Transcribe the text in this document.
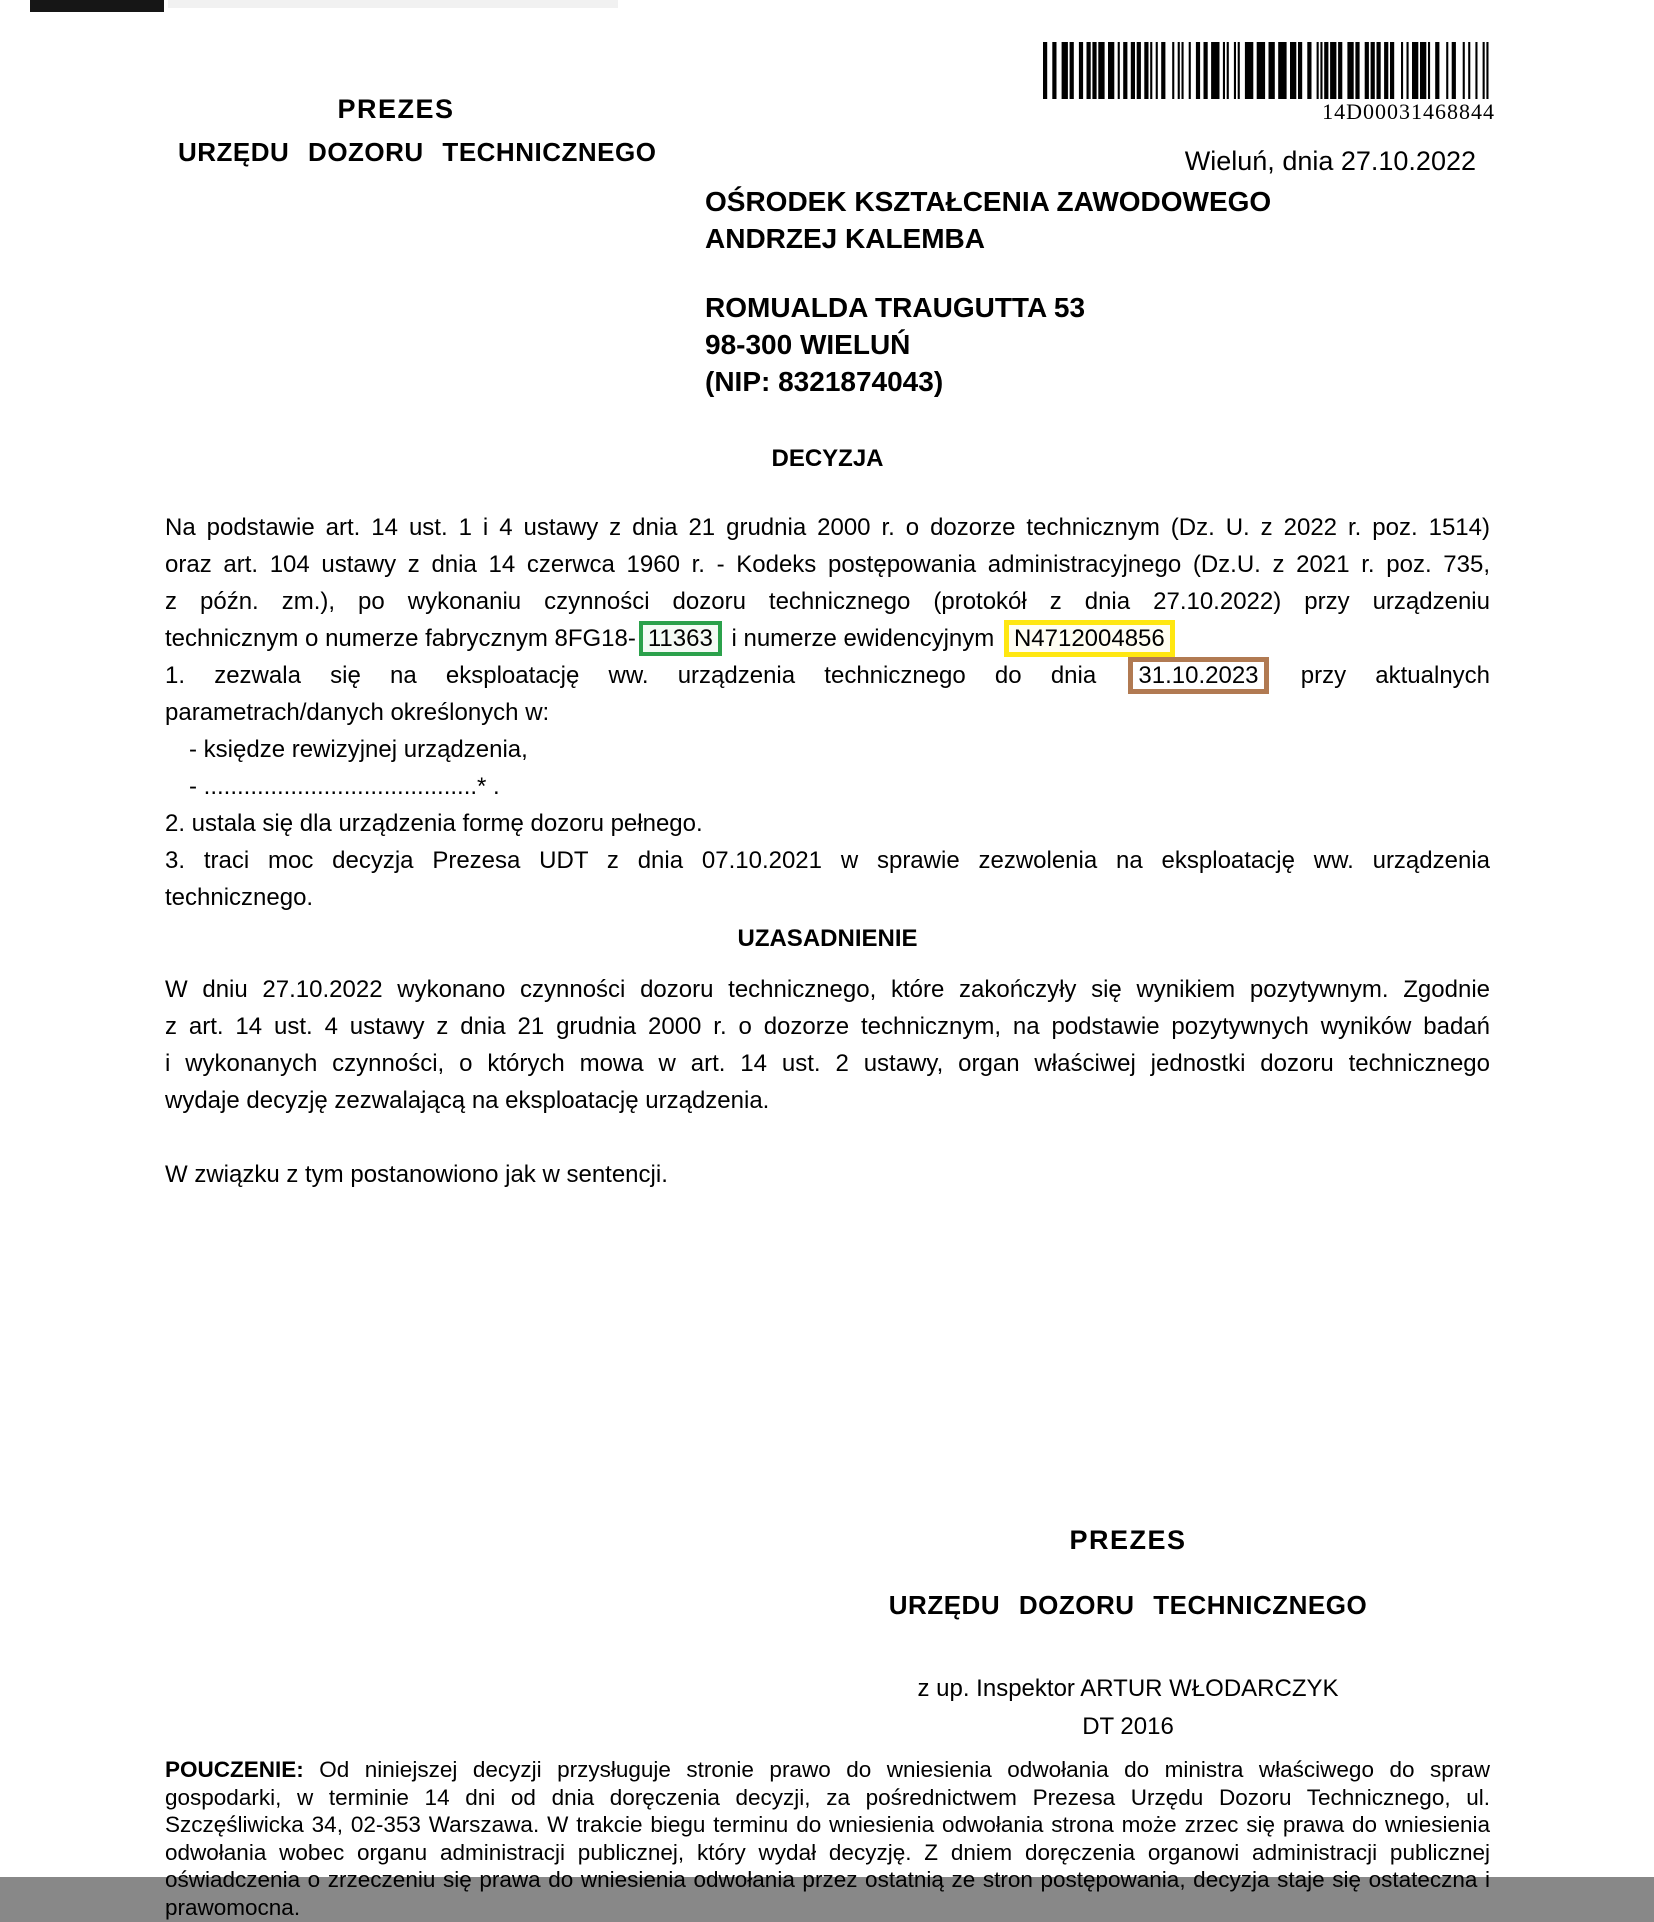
PREZES
URZĘDU DOZORU TECHNICZNEGO
14D00031468844
Wieluń, dnia 27.10.2022
OŚRODEK KSZTAŁCENIA ZAWODOWEGO
ANDRZEJ KALEMBA
ROMUALDA TRAUGUTTA 53
98-300 WIELUŃ
(NIP: 8321874043)
DECYZJA
Na podstawie art. 14 ust. 1 i 4 ustawy z dnia 21 grudnia 2000 r. o dozorze technicznym (Dz. U. z 2022 r. poz. 1514)
oraz art. 104 ustawy z dnia 14 czerwca 1960 r. - Kodeks postępowania administracyjnego (Dz.U. z 2021 r. poz. 735,
z późn. zm.), po wykonaniu czynności dozoru technicznego (protokół z dnia 27.10.2022) przy urządzeniu
technicznym o numerze fabrycznym 8FG18- 11363 i numerze ewidencyjnym N4712004856
1. zezwala się na eksploatację ww. urządzenia technicznego do dnia 31.10.2023 przy aktualnych
parametrach/danych określonych w:
- księdze rewizyjnej urządzenia,
- .........................................* .
2. ustala się dla urządzenia formę dozoru pełnego.
3. traci moc decyzja Prezesa UDT z dnia 07.10.2021 w sprawie zezwolenia na eksploatację ww. urządzenia
technicznego.
UZASADNIENIE
W dniu 27.10.2022 wykonano czynności dozoru technicznego, które zakończyły się wynikiem pozytywnym. Zgodnie
z art. 14 ust. 4 ustawy z dnia 21 grudnia 2000 r. o dozorze technicznym, na podstawie pozytywnych wyników badań
i wykonanych czynności, o których mowa w art. 14 ust. 2 ustawy, organ właściwej jednostki dozoru technicznego
wydaje decyzję zezwalającą na eksploatację urządzenia.
W związku z tym postanowiono jak w sentencji.
PREZES
URZĘDU DOZORU TECHNICZNEGO
z up. Inspektor ARTUR WŁODARCZYK
DT 2016
POUCZENIE: Od niniejszej decyzji przysługuje stronie prawo do wniesienia odwołania do ministra właściwego do spraw
gospodarki, w terminie 14 dni od dnia doręczenia decyzji, za pośrednictwem Prezesa Urzędu Dozoru Technicznego, ul.
Szczęśliwicka 34, 02-353 Warszawa. W trakcie biegu terminu do wniesienia odwołania strona może zrzec się prawa do wniesienia
odwołania wobec organu administracji publicznej, który wydał decyzję. Z dniem doręczenia organowi administracji publicznej
oświadczenia o zrzeczeniu się prawa do wniesienia odwołania przez ostatnią ze stron postępowania, decyzja staje się ostateczna i
prawomocna.
